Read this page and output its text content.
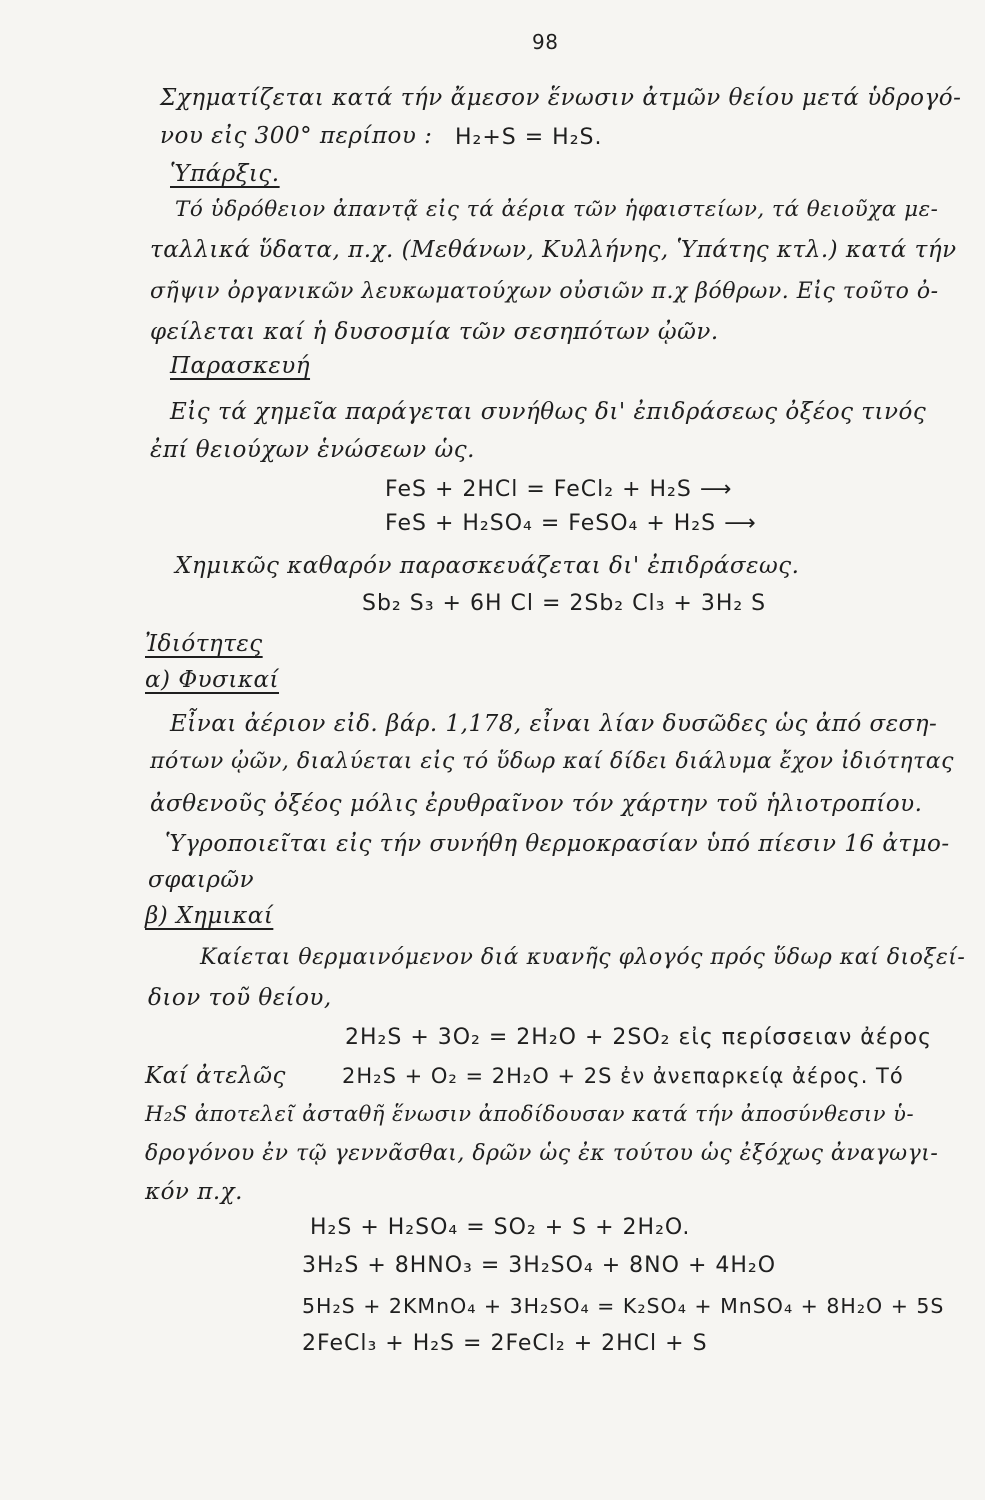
98
Σχηματίζεται κατά τήν ἄμεσον ἕνωσιν ἀτμῶν θείου μετά ὑδρογό-
νου εἰς 300° περίπου : H₂+S = H₂S.
Ὑπάρξις.
Τό ὑδρόθειον ἀπαντᾷ εἰς τά ἀέρια τῶν ἡφαιστείων, τά θειοῦχα με-
ταλλικά ὕδατα, π.χ. (Μεθάνων, Κυλλήνης, Ὑπάτης κτλ.) κατά τήν
σῆψιν ὀργανικῶν λευκωματούχων οὐσιῶν π.χ βόθρων. Εἰς τοῦτο ὀ-
φείλεται καί ἡ δυσοσμία τῶν σεσηπότων ᾠῶν.
Παρασκευή
Εἰς τά χημεῖα παράγεται συνήθως δι' ἐπιδράσεως ὀξέος τινός
ἐπί θειούχων ἑνώσεων ὡς.
FeS + 2HCl = FeCl₂ + H₂S ⟶
FeS + H₂SO₄ = FeSO₄ + H₂S ⟶
Χημικῶς καθαρόν παρασκευάζεται δι' ἐπιδράσεως.
Sb₂ S₃ + 6H Cl = 2Sb₂ Cl₃ + 3H₂ S
Ἰδιότητες
α) Φυσικαί
Εἶναι ἀέριον εἰδ. βάρ. 1,178, εἶναι λίαν δυσῶδες ὡς ἀπό σεση-
πότων ᾠῶν, διαλύεται εἰς τό ὕδωρ καί δίδει διάλυμα ἔχον ἰδιότητας
ἀσθενοῦς ὀξέος μόλις ἐρυθραῖνον τόν χάρτην τοῦ ἡλιοτροπίου.
Ὑγροποιεῖται εἰς τήν συνήθη θερμοκρασίαν ὑπό πίεσιν 16 ἀτμο-
σφαιρῶν
β) Χημικαί
Καίεται θερμαινόμενον διά κυανῆς φλογός πρός ὕδωρ καί διοξεί-
διον τοῦ θείου,
2H₂S + 3O₂ = 2H₂O + 2SO₂ εἰς περίσσειαν ἀέρος
Καί ἀτελῶς	2H₂S + O₂ = 2H₂O + 2S ἐν ἀνεπαρκείᾳ ἀέρος. Τό
H₂S ἀποτελεῖ ἀσταθῆ ἕνωσιν ἀποδίδουσαν κατά τήν ἀποσύνθεσιν ὑ-
δρογόνου ἐν τῷ γεννᾶσθαι, δρῶν ὡς ἐκ τούτου ὡς ἐξόχως ἀναγωγι-
κόν π.χ.
H₂S + H₂SO₄ = SO₂ + S + 2H₂O.
3H₂S + 8HNO₃ = 3H₂SO₄ + 8NO + 4H₂O
5H₂S + 2KMnO₄ + 3H₂SO₄ = K₂SO₄ + MnSO₄ + 8H₂O + 5S
2FeCl₃ + H₂S = 2FeCl₂ + 2HCl + S
